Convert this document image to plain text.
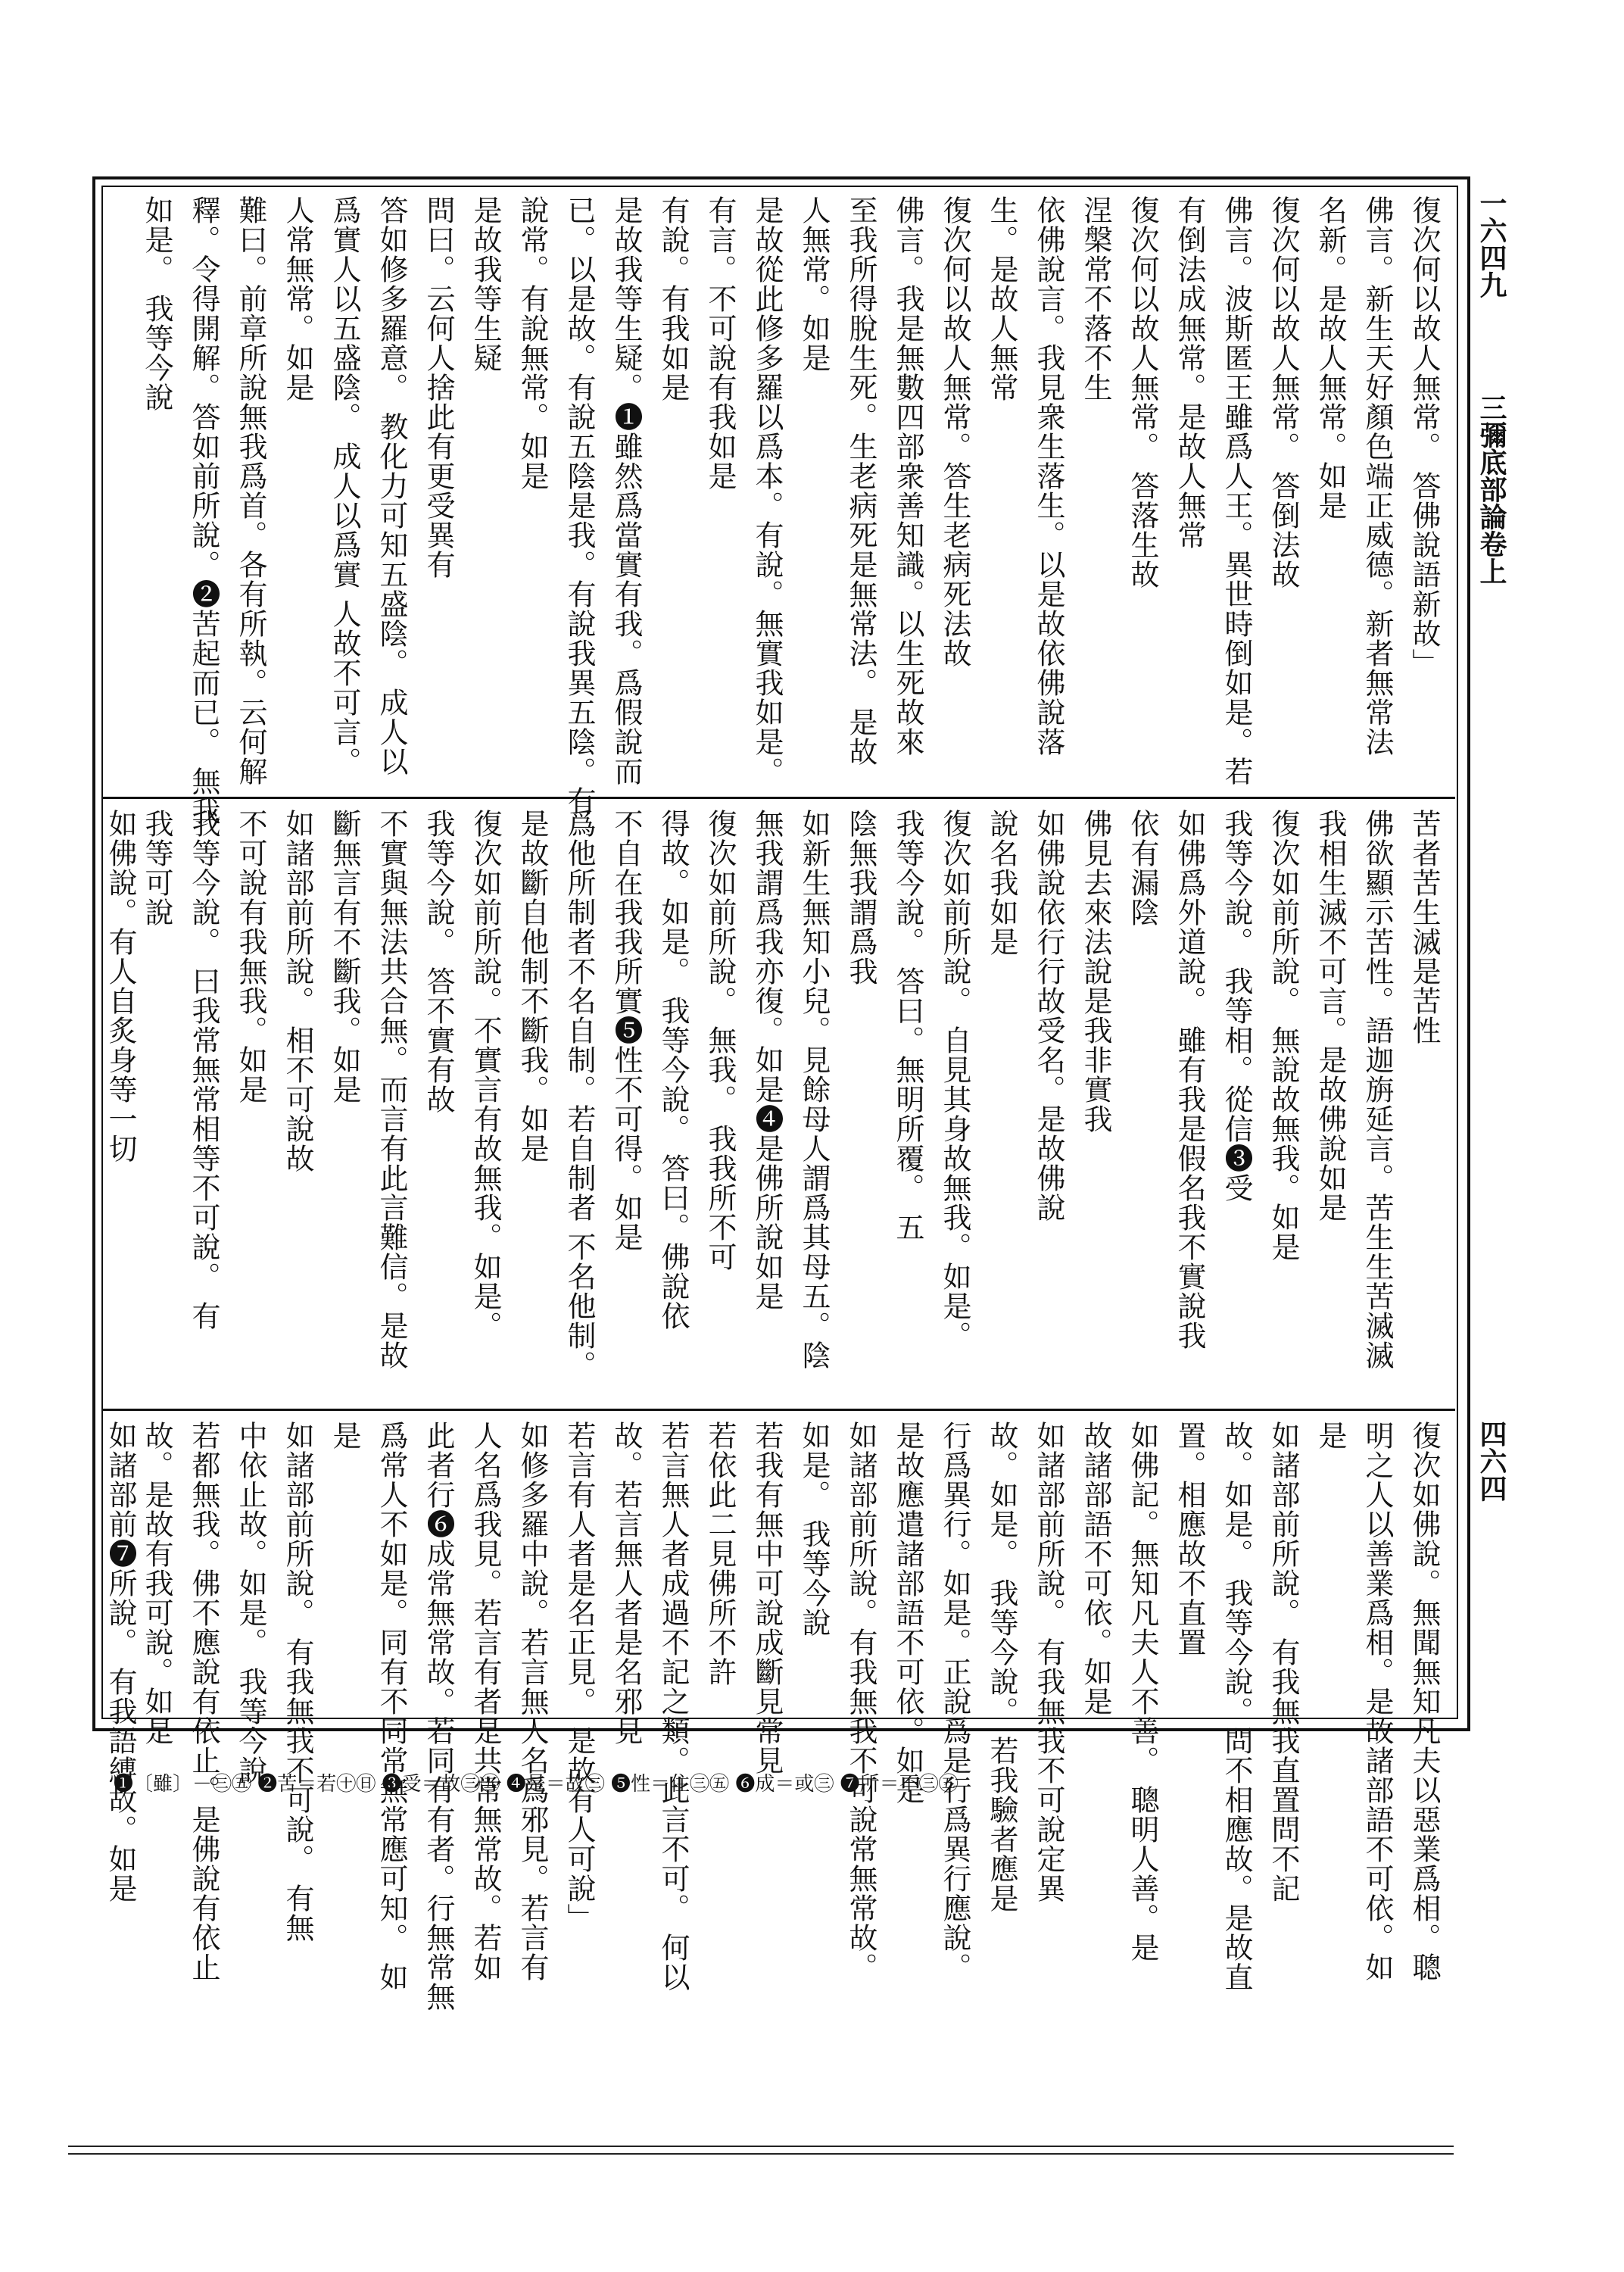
一六四九
三彌底部論卷上
四六四
復次何以故人無常。 答佛說語新故」
佛言。新生天好顏色端正威德。新者無常法
名新。是故人無常。如是
復次何以故人無常。 答倒法故
佛言。波斯匿王雖爲人王。異世時倒如是。若
有倒法成無常。是故人無常
復次何以故人無常。 答落生故
涅槃常不落不生
依佛說言。我見衆生落生。以是故依佛說落
生。是故人無常
復次何以故人無常。答生老病死法故
佛言。我是無數四部衆善知識。以生死故來
至我所得脫生死。生老病死是無常法。 是故
人無常。如是
是故從此修多羅以爲本。有說。無實我如是。
有言。不可說有我如是
有說。有我如是
是故我等生疑。❶雖然爲當實有我。爲假說而
已。以是故。有說五陰是我。有說我異五陰。有
說常。有說無常。如是
是故我等生疑
問曰。云何人捨此有更受異有
答如修多羅意。 教化力可知五盛陰。 成人以
爲實人以五盛陰。 成人以爲實 人故不可言。
人常無常。如是
難曰。前章所說無我爲首。各有所執。云何解
釋。令得開解。答如前所說。❷苦起而已。 無我
如是。 我等今說
苦者苦生滅是苦性
佛欲顯示苦性。語迦旃延言。苦生生苦滅滅
我相生滅不可言。是故佛說如是
復次如前所說。 無說故無我。如是
我等今說。 我等相。從信❸受
如佛爲外道說。 雖有我是假名我不實說我
依有漏陰
佛見去來法說是我非實我
如佛說依行行故受名。是故佛說
說名我如是
復次如前所說。 自見其身故無我。如是。
我等今說。 答曰。無明所覆。 五
陰無我謂爲我
如新生無知小兒。見餘母人謂爲其母五。陰
無我謂爲我亦復。如是❹是佛所說如是
復次如前所說。 無我。 我我所不可
得故。如是。 我等今說。 答曰。佛說依
不自在我我所實❺性不可得。如是
爲他所制者不名自制。若自制者 不名他制。
是故斷自他制不斷我。如是
復次如前所說。不實言有故無我。如是。
我等今說。 答不實有故
不實與無法共合無。而言有此言難信。是故
斷無言有不斷我。如是
如諸部前所說。 相不可說故
不可說有我無我。如是
我等今說。 曰我常無常相等不可說。 有
我等可說
如佛說。有人自炙身等一切
復次如佛說。無聞無知凡夫以惡業爲相。聰
明之人以善業爲相。是故諸部語不可依。如
是
如諸部前所說。 有我無我直置問不記
故。如是。 我等今說。問不相應故。是故直
置。相應故不直置
如佛記。無知凡夫人不善。 聰明人善。是
故諸部語不可依。如是
如諸部前所說。 有我無我不可說定異
故。如是。 我等今說。 若我驗者應是
行爲異行。如是。正說爲是行爲異行應說。
是故應遣諸部語不可依。如是
如諸部前所說。有我無我不可說常無常故。
如是。 我等今說
若我有無中可說成斷見常見
若依此二見佛所不許
若言無人者成過不記之類。此言不可。 何以
故。若言無人者是名邪見
若言有人者是名正見。 是故有人可說」
如修多羅中說。若言無人名爲邪見。若言有
人名爲我見。若言有者是共常無常故。若如
此者行❻成常無常故。若同有有者。行無常無
爲常人不如是。同有不同常無常應可知。 如
是
如諸部前所說。 有我無我不可說。 有無
中依止故。如是。 我等今說
若都無我。佛不應說有依止。是佛說有依止
故。是故有我可說。如是
如諸部前❼所說。 有我語縛故。如是
❶〔雖〕－㊂㊄ ❷苦＝若㊉㊐ ❸受＝故㊂㊄ ❹是＝故㊂ ❺性＝住㊂㊄ ❻成＝或㊂ ❼所＝不㊂㊄
